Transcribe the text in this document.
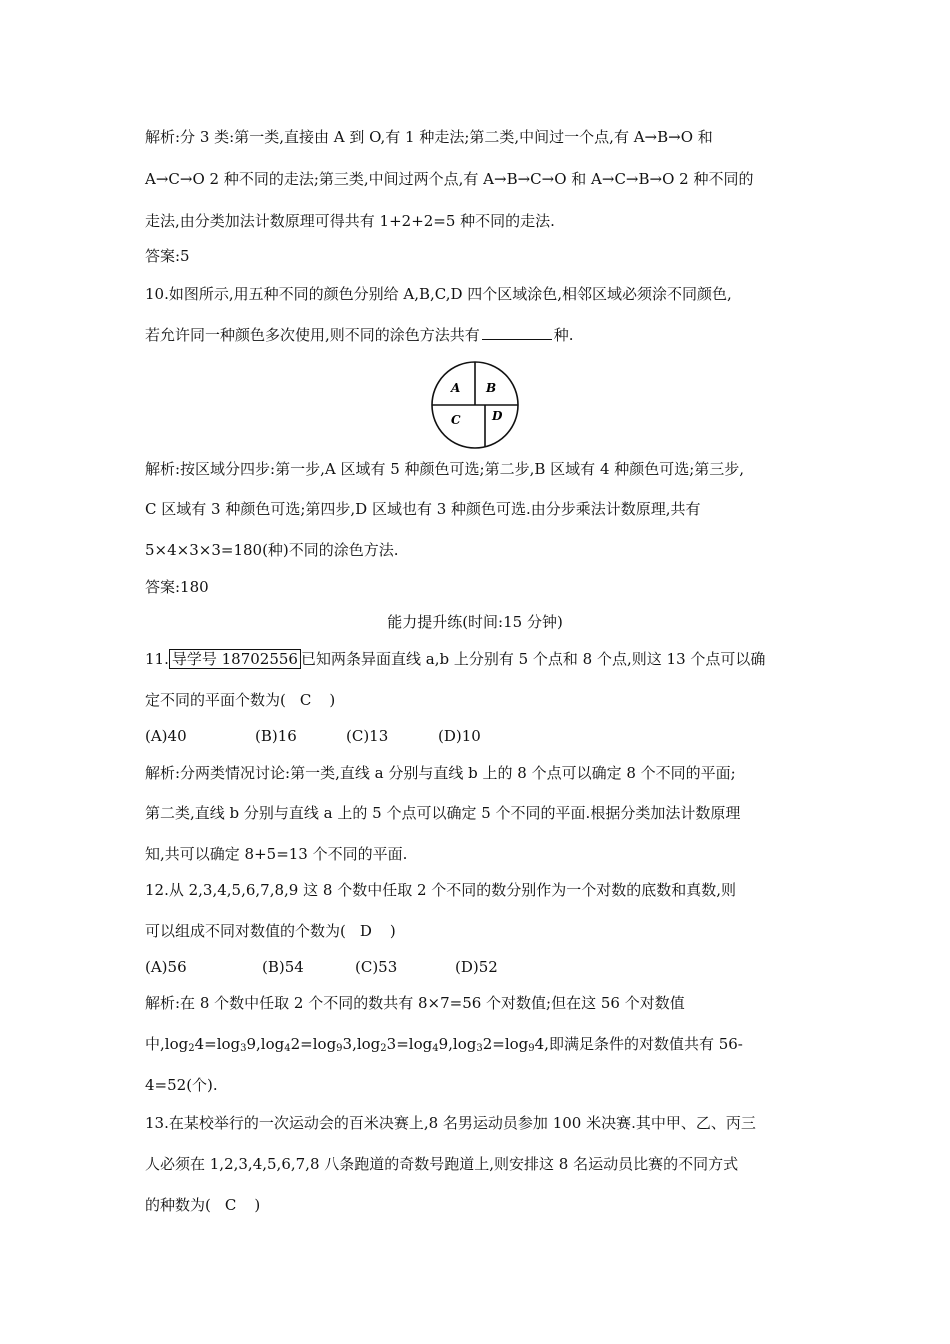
解析:分 3 类:第一类,直接由 A 到 O,有 1 种走法;第二类,中间过一个点,有 A→B→O 和
A→C→O 2 种不同的走法;第三类,中间过两个点,有 A→B→C→O 和 A→C→B→O 2 种不同的
走法,由分类加法计数原理可得共有 1+2+2=5 种不同的走法.
答案:5
10.如图所示,用五种不同的颜色分别给 A,B,C,D 四个区域涂色,相邻区域必须涂不同颜色,
若允许同一种颜色多次使用,则不同的涂色方法共有	种.
A B
C	D
解析:按区域分四步:第一步,A 区域有 5 种颜色可选;第二步,B 区域有 4 种颜色可选;第三步,
C 区域有 3 种颜色可选;第四步,D 区域也有 3 种颜色可选.由分步乘法计数原理,共有
5×4×3×3=180(种)不同的涂色方法.
答案:180
能力提升练(时间:15 分钟)
11. 导学号 18702556 已知两条异面直线 a,b 上分别有 5 个点和 8 个点,则这 13 个点可以确
定不同的平面个数为( C )
(A)40	(B)16	(C)13	(D)10
解析:分两类情况讨论:第一类,直线 a 分别与直线 b 上的 8 个点可以确定 8 个不同的平面;
第二类,直线 b 分别与直线 a 上的 5 个点可以确定 5 个不同的平面.根据分类加法计数原理
知,共可以确定 8+5=13 个不同的平面.
12.从 2,3,4,5,6,7,8,9 这 8 个数中任取 2 个不同的数分别作为一个对数的底数和真数,则
可以组成不同对数值的个数为( D )
(A)56	(B)54	(C)53	(D)52
解析:在 8 个数中任取 2 个不同的数共有 8×7=56 个对数值;但在这 56 个对数值
中$,\log_24=\log_39,\log_42=\log_93,\log_23=\log_49,\log_32=\log_94$,即满足条件的对数值共有 56-
4=52(个).
13.在某校举行的一次运动会的百米决赛上,8 名男运动员参加 100 米决赛.其中甲、乙、丙三
人必须在 1,2,3,4,5,6,7,8 八条跑道的奇数号跑道上,则安排这 8 名运动员比赛的不同方式
的种数为( C )
